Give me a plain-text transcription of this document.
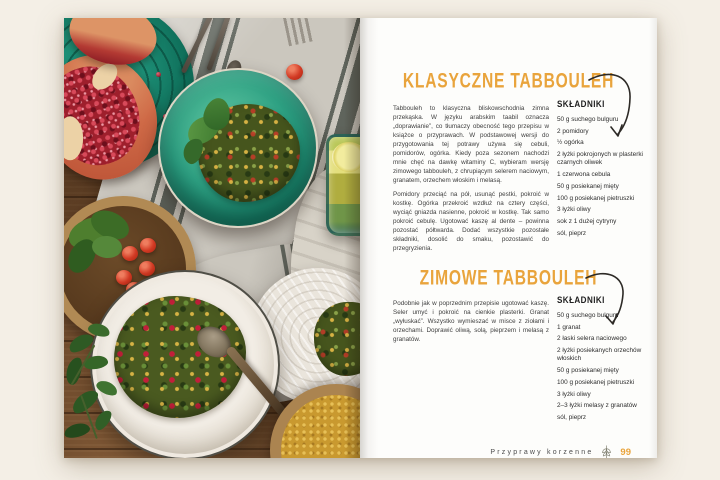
KLASYCZNE TABBOULEH

Tabbouleh to klasyczna bliskowschodnia zimna przekąska. W języku arabskim taabil oznacza „doprawianie”, co tłumaczy obecność tego przepisu w książce o przyprawach. W podstawowej wersji do przygotowania tej potrawy używa się cebuli, pomidorów, ogórka. Kiedy poza sezonem nachodzi mnie chęć na dawkę witaminy C, wybieram wersję zimowego tabbouleh, z chrupiącym selerem naciowym, granatem, orzechem włoskim i melasą.

Pomidory przeciąć na pół, usunąć pestki, pokroić w kostkę. Ogórka przekroić wzdłuż na cztery części, wyciąć gniazda nasienne, pokroić w kostkę. Tak samo pokroić cebulę. Ugotować kaszę al dente – powinna pozostać półtwarda. Dodać wszystkie pozostałe składniki, dosolić do smaku, pozostawić do przegryzienia.

SKŁADNIKI
50 g suchego bulguru
2 pomidory
½ ogórka
2 łyżki pokrojonych w plasterki czarnych oliwek
1 czerwona cebula
50 g posiekanej mięty
100 g posiekanej pietruszki
3 łyżki oliwy
sok z 1 dużej cytryny
sól, pieprz
ZIMOWE TABBOULEH

Podobnie jak w poprzednim przepisie ugotować kaszę. Seler umyć i pokroić na cienkie plasterki. Granat „wyłuskać”. Wszystko wymieszać w misce z ziołami i orzechami. Doprawić oliwą, solą, pieprzem i melasą z granatów.

SKŁADNIKI
50 g suchego bulguru
1 granat
2 łaski selera naciowego
2 łyżki posiekanych orzechów włoskich
50 g posiekanej mięty
100 g posiekanej pietruszki
3 łyżki oliwy
2–3 łyżki melasy z granatów
sól, pieprz
Przyprawy korzenne	99
